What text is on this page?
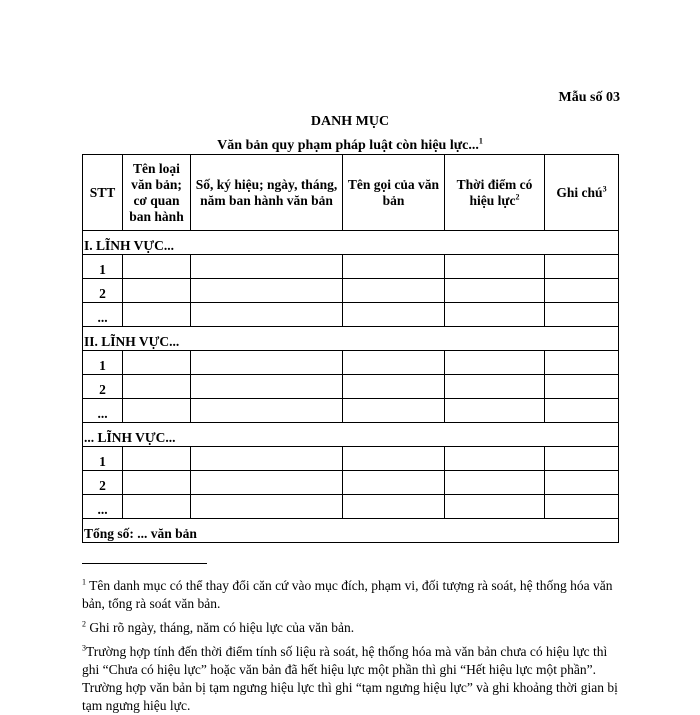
Mẫu số 03
DANH MỤC
Văn bản quy phạm pháp luật còn hiệu lực...$^1$
STT	Tên loại văn bản; cơ quan ban hành	Số, ký hiệu; ngày, tháng, năm ban hành văn bản	Tên gọi của văn bản	Thời điểm có hiệu lực$^2$	Ghi chú$^3$
I. LĨNH VỰC...					
1					
2					
...					
II. LĨNH VỰC...					
1					
2					
...					
... LĨNH VỰC...					
1					
2					
...					
Tổng số: ... văn bản					
$^1$ Tên danh mục có thể thay đổi căn cứ vào mục đích, phạm vi, đối tượng rà soát, hệ thống hóa văn bản, tổng rà soát văn bản.
$^2$ Ghi rõ ngày, tháng, năm có hiệu lực của văn bản.
$^3$Trường hợp tính đến thời điểm tính số liệu rà soát, hệ thống hóa mà văn bản chưa có hiệu lực thì ghi “Chưa có hiệu lực” hoặc văn bản đã hết hiệu lực một phần thì ghi “Hết hiệu lực một phần”. Trường hợp văn bản bị tạm ngưng hiệu lực thì ghi “tạm ngưng hiệu lực” và ghi khoảng thời gian bị tạm ngưng hiệu lực.
